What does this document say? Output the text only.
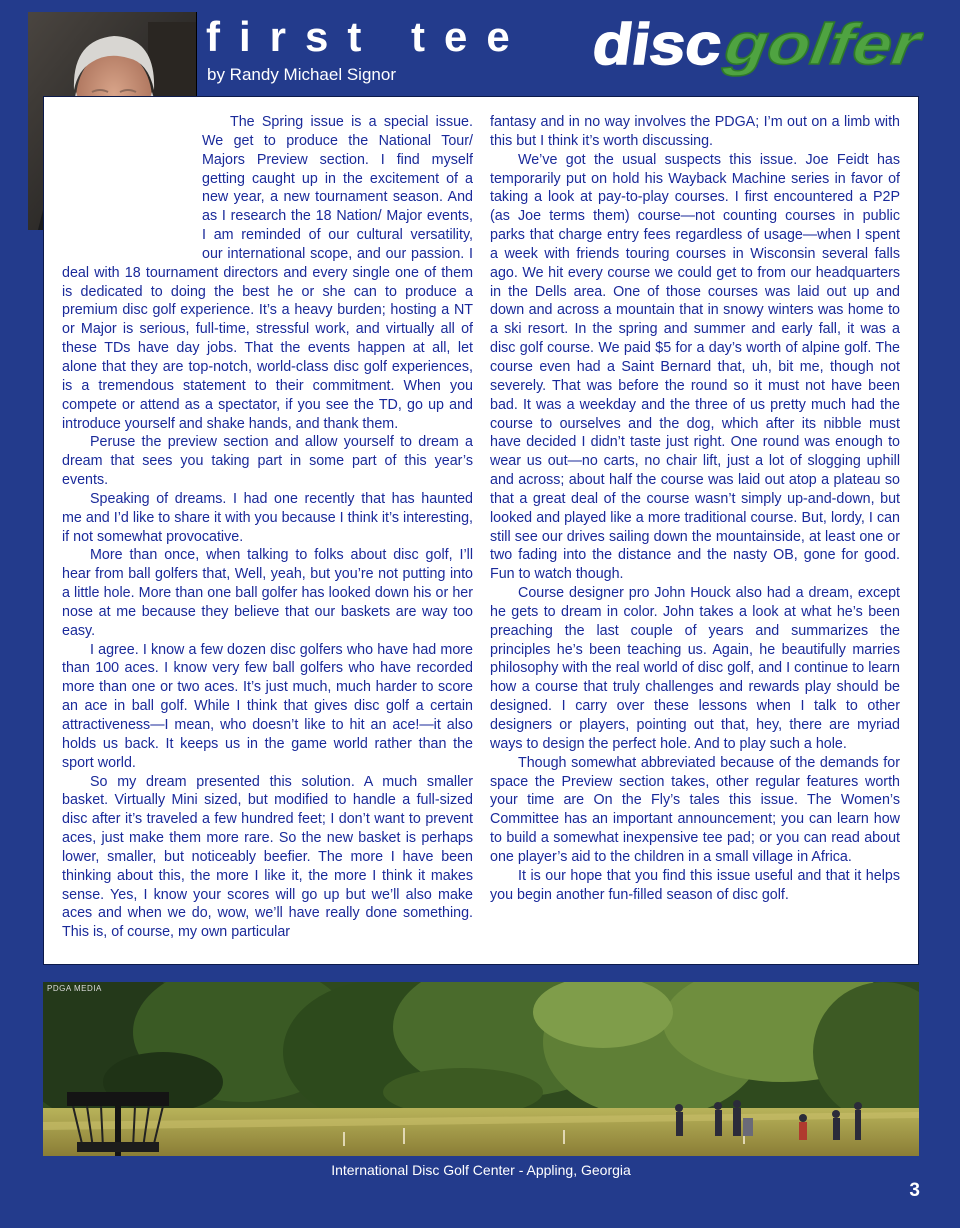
first tee
by Randy Michael Signor	disc golfer

The Spring issue is a special issue. We get to produce the National Tour/ Majors Preview section. I find myself getting caught up in the excitement of a new year, a new tournament season. And as I research the 18 Nation/ Major events, I am reminded of our cultural versatility, our international scope, and our passion. I deal with 18 tournament directors and every single one of them is dedicated to doing the best he or she can to produce a premium disc golf experience. It’s a heavy burden; hosting a NT or Major is serious, full-time, stressful work, and virtually all of these TDs have day jobs. That the events happen at all, let alone that they are top-notch, world-class disc golf experiences, is a tremendous statement to their commitment. When you compete or attend as a spectator, if you see the TD, go up and introduce yourself and shake hands, and thank them.

Peruse the preview section and allow yourself to dream a dream that sees you taking part in some part of this year’s events.

Speaking of dreams. I had one recently that has haunted me and I’d like to share it with you because I think it’s interesting, if not somewhat provocative.

More than once, when talking to folks about disc golf, I’ll hear from ball golfers that, Well, yeah, but you’re not putting into a little hole. More than one ball golfer has looked down his or her nose at me because they believe that our baskets are way too easy.

I agree. I know a few dozen disc golfers who have had more than 100 aces. I know very few ball golfers who have recorded more than one or two aces. It’s just much, much harder to score an ace in ball golf. While I think that gives disc golf a certain attractiveness—I mean, who doesn’t like to hit an ace!—it also holds us back. It keeps us in the game world rather than the sport world.

So my dream presented this solution. A much smaller basket. Virtually Mini sized, but modified to handle a full-sized disc after it’s traveled a few hundred feet; I don’t want to prevent aces, just make them more rare. So the new basket is perhaps lower, smaller, but noticeably beefier. The more I have been thinking about this, the more I like it, the more I think it makes sense. Yes, I know your scores will go up but we’ll also make aces and when we do, wow, we’ll have really done something. This is, of course, my own particular

fantasy and in no way involves the PDGA; I’m out on a limb with this but I think it’s worth discussing.

We’ve got the usual suspects this issue. Joe Feidt has temporarily put on hold his Wayback Machine series in favor of taking a look at pay-to-play courses. I first encountered a P2P (as Joe terms them) course—not counting courses in public parks that charge entry fees regardless of usage—when I spent a week with friends touring courses in Wisconsin several falls ago. We hit every course we could get to from our headquarters in the Dells area. One of those courses was laid out up and down and across a mountain that in snowy winters was home to a ski resort. In the spring and summer and early fall, it was a disc golf course. We paid $5 for a day’s worth of alpine golf. The course even had a Saint Bernard that, uh, bit me, though not severely. That was before the round so it must not have been bad. It was a weekday and the three of us pretty much had the course to ourselves and the dog, which after its nibble must have decided I didn’t taste just right. One round was enough to wear us out—no carts, no chair lift, just a lot of slogging uphill and across; about half the course was laid out atop a plateau so that a great deal of the course wasn’t simply up-and-down, but looked and played like a more traditional course. But, lordy, I can still see our drives sailing down the mountainside, at least one or two fading into the distance and the nasty OB, gone for good. Fun to watch though.

Course designer pro John Houck also had a dream, except he gets to dream in color. John takes a look at what he’s been preaching the last couple of years and summarizes the principles he’s been teaching us. Again, he beautifully marries philosophy with the real world of disc golf, and I continue to learn how a course that truly challenges and rewards play should be designed. I carry over these lessons when I talk to other designers or players, pointing out that, hey, there are myriad ways to design the perfect hole. And to play such a hole.

Though somewhat abbreviated because of the demands for space the Preview section takes, other regular features worth your time are On the Fly’s tales this issue. The Women’s Committee has an important announcement; you can learn how to build a somewhat inexpensive tee pad; or you can read about one player’s aid to the children in a small village in Africa.

It is our hope that you find this issue useful and that it helps you begin another fun-filled season of disc golf.

PDGA MEDIA
International Disc Golf Center - Appling, Georgia
3
